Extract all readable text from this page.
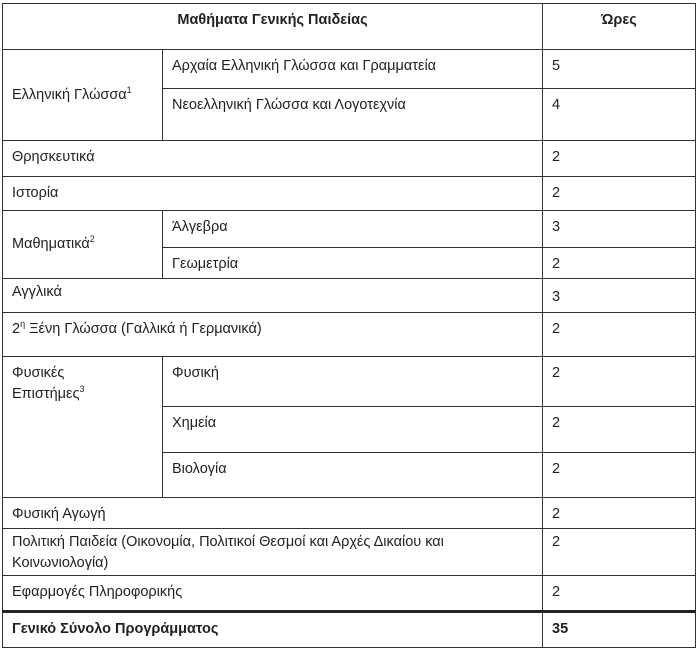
Μαθήματα Γενικής Παιδείας		Ώρες
Ελληνική Γλώσσα$^1$	Αρχαία Ελληνική Γλώσσα και Γραμματεία	5
	Νεοελληνική Γλώσσα και Λογοτεχνία	4
Θρησκευτικά		2
Ιστορία		2
Μαθηματικά$^2$	Άλγεβρα	3
	Γεωμετρία	2
Αγγλικά		3
$2^\eta$ Ξένη Γλώσσα (Γαλλικά ή Γερμανικά)		2
Φυσικές
Επιστήμες$^3$	Φυσική	2
	Χημεία	2
	Βιολογία	2
Φυσική Αγωγή		2
Πολιτική Παιδεία (Οικονομία, Πολιτικοί Θεσμοί και Αρχές Δικαίου και Κοινωνιολογία)		2
Εφαρμογές Πληροφορικής		2
Γενικό Σύνολο Προγράμματος		35
